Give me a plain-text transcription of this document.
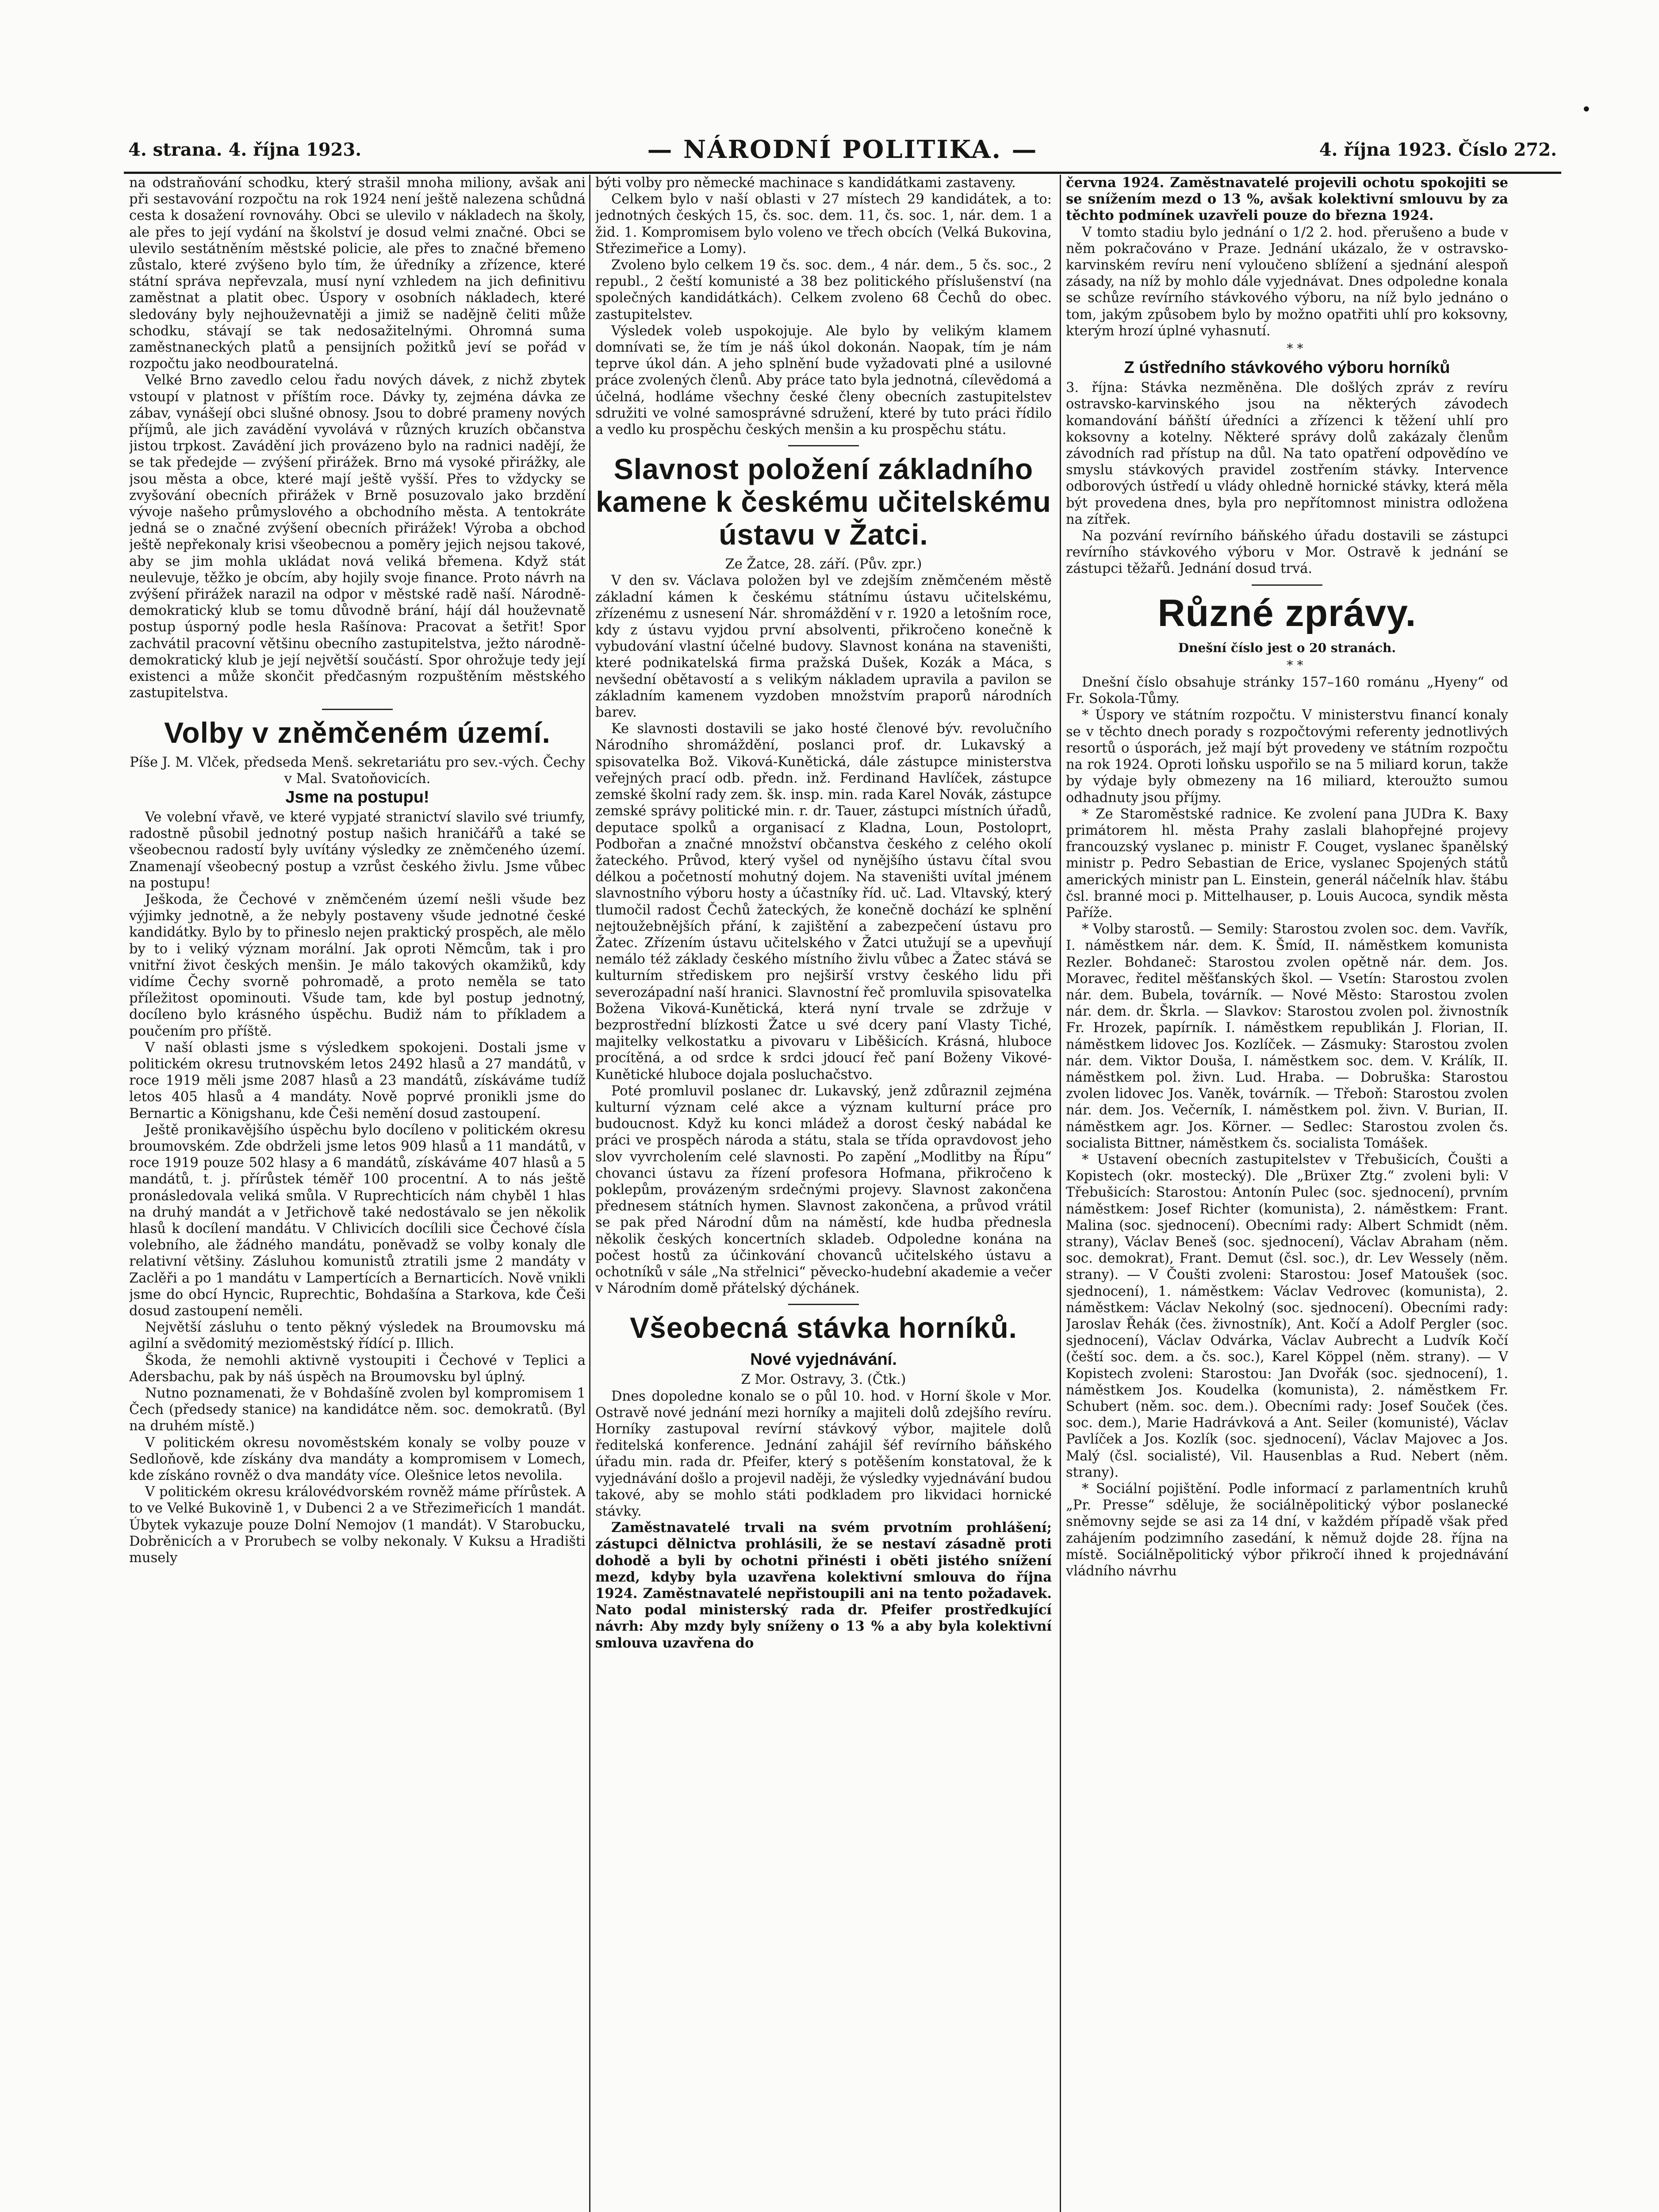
4. strana. 4. října 1923.	— NÁRODNÍ POLITIKA. —	4. října 1923. Číslo 272.
•

na odstraňování schodku, který strašil mnoha miliony, avšak ani při sestavování rozpočtu na rok 1924 není ještě nalezena schůdná cesta k dosažení rovnováhy. Obci se ulevilo v nákladech na školy, ale přes to její vydání na školství je dosud velmi značné. Obci se ulevilo sestátněním městské policie, ale přes to značné břemeno zůstalo, které zvýšeno bylo tím, že úředníky a zřízence, které státní správa nepřevzala, musí nyní vzhledem na jich definitivu zaměstnat a platit obec. Úspory v osobních nákladech, které sledovány byly nejhouževnatěji a jimiž se nadějně čeliti může schodku, stávají se tak nedosažitelnými. Ohromná suma zaměstnaneckých platů a pensijních požitků jeví se pořád v rozpočtu jako neodbouratelná.

Velké Brno zavedlo celou řadu nových dávek, z nichž zbytek vstoupí v platnost v příštím roce. Dávky ty, zejména dávka ze zábav, vynášejí obci slušné obnosy. Jsou to dobré prameny nových příjmů, ale jich zavádění vyvolává v různých kruzích občanstva jistou trpkost. Zavádění jich provázeno bylo na radnici nadějí, že se tak předejde — zvýšení přirážek. Brno má vysoké přirážky, ale jsou města a obce, které mají ještě vyšší. Přes to vždycky se zvyšování obecních přirážek v Brně posuzovalo jako brzdění vývoje našeho průmyslového a obchodního města. A tentokráte jedná se o značné zvýšení obecních přirážek! Výroba a obchod ještě nepřekonaly krisi všeobecnou a poměry jejich nejsou takové, aby se jim mohla ukládat nová veliká břemena. Když stát neulevuje, těžko je obcím, aby hojily svoje finance. Proto návrh na zvýšení přirážek narazil na odpor v městské radě naší. Národně-demokratický klub se tomu důvodně brání, hájí dál houževnatě postup úsporný podle hesla Rašínova: Pracovat a šetřit! Spor zachvátil pracovní většinu obecního zastupitelstva, ježto národně-demokratický klub je její největší součástí. Spor ohrožuje tedy její existenci a může skončit předčasným rozpuštěním městského zastupitelstva.

Volby v zněmčeném území.

Píše J. M. Vlček, předseda Menš. sekretariátu pro sev.-vých. Čechy v Mal. Svatoňovicích.

Jsme na postupu!

Ve volební vřavě, ve které vypjaté stranictví slavilo své triumfy, radostně působil jednotný postup našich hraničářů a také se všeobecnou radostí byly uvítány výsledky ze zněmčeného území. Znamenají všeobecný postup a vzrůst českého živlu. Jsme vůbec na postupu!

Ješkoda, že Čechové v zněmčeném území nešli všude bez výjimky jednotně, a že nebyly postaveny všude jednotné české kandidátky. Bylo by to přineslo nejen praktický prospěch, ale mělo by to i veliký význam morální. Jak oproti Němcům, tak i pro vnitřní život českých menšin. Je málo takových okamžiků, kdy vidíme Čechy svorně pohromadě, a proto neměla se tato příležitost opominouti. Všude tam, kde byl postup jednotný, docíleno bylo krásného úspěchu. Budiž nám to příkladem a poučením pro příště.

V naší oblasti jsme s výsledkem spokojeni. Dostali jsme v politickém okresu trutnovském letos 2492 hlasů a 27 mandátů, v roce 1919 měli jsme 2087 hlasů a 23 mandátů, získáváme tudíž letos 405 hlasů a 4 mandáty. Nově poprvé pronikli jsme do Bernartic a Königshanu, kde Češi nemění dosud zastoupení.

Ještě pronikavějšího úspěchu bylo docíleno v politickém okresu broumovském. Zde obdrželi jsme letos 909 hlasů a 11 mandátů, v roce 1919 pouze 502 hlasy a 6 mandátů, získáváme 407 hlasů a 5 mandátů, t. j. přírůstek téměř 100 procentní. A to nás ještě pronásledovala veliká smůla. V Ruprechticích nám chyběl 1 hlas na druhý mandát a v Jetřichově také nedostávalo se jen několik hlasů k docílení mandátu. V Chlivicích docílili sice Čechové čísla volebního, ale žádného mandátu, poněvadž se volby konaly dle relativní většiny. Zásluhou komunistů ztratili jsme 2 mandáty v Zaclěři a po 1 mandátu v Lampertících a Bernarticích. Nově vnikli jsme do obcí Hyncic, Ruprechtic, Bohdašína a Starkova, kde Češi dosud zastoupení neměli.

Největší zásluhu o tento pěkný výsledek na Broumovsku má agilní a svědomitý mezioměstský řídící p. Illich.

Škoda, že nemohli aktivně vystoupiti i Čechové v Teplici a Adersbachu, pak by náš úspěch na Broumovsku byl úplný.

Nutno poznamenati, že v Bohdašíně zvolen byl kompromisem 1 Čech (předsedy stanice) na kandidátce něm. soc. demokratů. (Byl na druhém místě.)

V politickém okresu novoměstském konaly se volby pouze v Sedloňově, kde získány dva mandáty a kompromisem v Lomech, kde získáno rovněž o dva mandáty více. Olešnice letos nevolila.

V politickém okresu královédvorském rovněž máme přírůstek. A to ve Velké Bukovině 1, v Dubenci 2 a ve Střezimeřicích 1 mandát. Úbytek vykazuje pouze Dolní Nemojov (1 mandát). V Starobucku, Dobrěnicích a v Prorubech se volby nekonaly. V Kuksu a Hradišti musely

býti volby pro německé machinace s kandidátkami zastaveny.

Celkem bylo v naší oblasti v 27 místech 29 kandidátek, a to: jednotných českých 15, čs. soc. dem. 11, čs. soc. 1, nár. dem. 1 a žid. 1. Kompromisem bylo voleno ve třech obcích (Velká Bukovina, Střezimeřice a Lomy).

Zvoleno bylo celkem 19 čs. soc. dem., 4 nár. dem., 5 čs. soc., 2 republ., 2 čeští komunisté a 38 bez politického příslušenství (na společných kandidátkách). Celkem zvoleno 68 Čechů do obec. zastupitelstev.

Výsledek voleb uspokojuje. Ale bylo by velikým klamem domnívati se, že tím je náš úkol dokonán. Naopak, tím je nám teprve úkol dán. A jeho splnění bude vyžadovati plné a usilovné práce zvolených členů. Aby práce tato byla jednotná, cílevědomá a účelná, hodláme všechny české členy obecních zastupitelstev sdružiti ve volné samosprávné sdružení, které by tuto práci řídilo a vedlo ku prospěchu českých menšin a ku prospěchu státu.

Slavnost položení základního kamene k českému učitelskému ústavu v Žatci.

Ze Žatce, 28. září. (Pův. zpr.)

V den sv. Václava položen byl ve zdejším zněmčeném městě základní kámen k českému státnímu ústavu učitelskému, zřízenému z usnesení Nár. shromáždění v r. 1920 a letošním roce, kdy z ústavu vyjdou první absolventi, přikročeno konečně k vybudování vlastní účelné budovy. Slavnost konána na staveništi, které podnikatelská firma pražská Dušek, Kozák a Máca, s nevšední obětavostí a s velikým nákladem upravila a pavilon se základním kamenem vyzdoben množstvím praporů národních barev.

Ke slavnosti dostavili se jako hosté členové býv. revolučního Národního shromáždění, poslanci prof. dr. Lukavský a spisovatelka Bož. Viková-Kunětická, dále zástupce ministerstva veřejných prací odb. předn. inž. Ferdinand Havlíček, zástupce zemské školní rady zem. šk. insp. min. rada Karel Novák, zástupce zemské správy politické min. r. dr. Tauer, zástupci místních úřadů, deputace spolků a organisací z Kladna, Loun, Postoloprt, Podbořan a značné množství občanstva českého z celého okolí žateckého. Průvod, který vyšel od nynějšího ústavu čítal svou délkou a početností mohutný dojem. Na staveništi uvítal jménem slavnostního výboru hosty a účastníky říd. uč. Lad. Vltavský, který tlumočil radost Čechů žateckých, že konečně dochází ke splnění nejtoužebnějších přání, k zajištění a zabezpečení ústavu pro Žatec. Zřízením ústavu učitelského v Žatci utužují se a upevňují nemálo též základy českého místního živlu vůbec a Žatec stává se kulturním střediskem pro nejširší vrstvy českého lidu při severozápadní naší hranici. Slavnostní řeč promluvila spisovatelka Božena Viková-Kunětická, která nyní trvale se zdržuje v bezprostřední blízkosti Žatce u své dcery paní Vlasty Tiché, majitelky velkostatku a pivovaru v Liběšicích. Krásná, hluboce procítěná, a od srdce k srdci jdoucí řeč paní Boženy Vikové-Kunětické hluboce dojala posluchačstvo.

Poté promluvil poslanec dr. Lukavský, jenž zdůraznil zejména kulturní význam celé akce a význam kulturní práce pro budoucnost. Když ku konci mládež a dorost český nabádal ke práci ve prospěch národa a státu, stala se třída opravdovost jeho slov vyvrcholením celé slavnosti. Po zapění „Modlitby na Řípu“ chovanci ústavu za řízení profesora Hofmana, přikročeno k poklepům, provázeným srdečnými projevy. Slavnost zakončena přednesem státních hymen. Slavnost zakončena, a průvod vrátil se pak před Národní dům na náměstí, kde hudba přednesla několik českých koncertních skladeb. Odpoledne konána na počest hostů za účinkování chovanců učitelského ústavu a ochotníků v sále „Na střelnici“ pěvecko-hudební akademie a večer v Národním domě přátelský dýchánek.

Všeobecná stávka horníků.
Nové vyjednávání.

Z Mor. Ostravy, 3. (Čtk.)

Dnes dopoledne konalo se o půl 10. hod. v Horní škole v Mor. Ostravě nové jednání mezi horníky a majiteli dolů zdejšího revíru. Horníky zastupoval revírní stávkový výbor, majitele dolů ředitelská konference. Jednání zahájil šéf revírního báňského úřadu min. rada dr. Pfeifer, který s potěšením konstatoval, že k vyjednávání došlo a projevil naději, že výsledky vyjednávání budou takové, aby se mohlo státi podkladem pro likvidaci hornické stávky.

Zaměstnavatelé trvali na svém prvotním prohlášení; zástupci dělnictva prohlásili, že se nestaví zásadně proti dohodě a byli by ochotni přinésti i oběti jistého snížení mezd, kdyby byla uzavřena kolektivní smlouva do října 1924. Zaměstnavatelé nepřistoupili ani na tento požadavek. Nato podal ministerský rada dr. Pfeifer prostředkující návrh: Aby mzdy byly sníženy o 13 % a aby byla kolektivní smlouva uzavřena do

června 1924. Zaměstnavatelé projevili ochotu spokojiti se se snížením mezd o 13 %, avšak kolektivní smlouvu by za těchto podmínek uzavřeli pouze do března 1924.

V tomto stadiu bylo jednání o 1/2 2. hod. přerušeno a bude v něm pokračováno v Praze. Jednání ukázalo, že v ostravsko-karvinském revíru není vyloučeno sblížení a sjednání alespoň zásady, na níž by mohlo dále vyjednávat. Dnes odpoledne konala se schůze revírního stávkového výboru, na níž bylo jednáno o tom, jakým způsobem bylo by možno opatřiti uhlí pro koksovny, kterým hrozí úplné vyhasnutí.

* *

Z ústředního stávkového výboru horníků

3. října: Stávka nezměněna. Dle došlých zpráv z revíru ostravsko-karvinského jsou na některých závodech komandování báňští úředníci a zřízenci k těžení uhlí pro koksovny a kotelny. Některé správy dolů zakázaly členům závodních rad přístup na důl. Na tato opatření odpovědíno ve smyslu stávkových pravidel zostřením stávky. Intervence odborových ústředí u vlády ohledně hornické stávky, která měla být provedena dnes, byla pro nepřítomnost ministra odložena na zítřek.

Na pozvání revírního báňského úřadu dostavili se zástupci revírního stávkového výboru v Mor. Ostravě k jednání se zástupci těžařů. Jednání dosud trvá.

Různé zprávy.

Dnešní číslo jest o 20 stranách.

* *

Dnešní číslo obsahuje stránky 157–160 románu „Hyeny“ od Fr. Sokola-Tůmy.

* Úspory ve státním rozpočtu. V ministerstvu financí konaly se v těchto dnech porady s rozpočtovými referenty jednotlivých resortů o úsporách, jež mají být provedeny ve státním rozpočtu na rok 1924. Oproti loňsku uspořilo se na 5 miliard korun, takže by výdaje byly obmezeny na 16 miliard, kteroužto sumou odhadnuty jsou příjmy.

* Ze Staroměstské radnice. Ke zvolení pana JUDra K. Baxy primátorem hl. města Prahy zaslali blahopřejné projevy francouzský vyslanec p. ministr F. Couget, vyslanec španělský ministr p. Pedro Sebastian de Erice, vyslanec Spojených států amerických ministr pan L. Einstein, generál náčelník hlav. štábu čsl. branné moci p. Mittelhauser, p. Louis Aucoca, syndik města Paříže.

* Volby starostů. — Semily: Starostou zvolen soc. dem. Vavřík, I. náměstkem nár. dem. K. Šmíd, II. náměstkem komunista Rezler. Bohdaneč: Starostou zvolen opětně nár. dem. Jos. Moravec, ředitel měšťanských škol. — Vsetín: Starostou zvolen nár. dem. Bubela, továrník. — Nové Město: Starostou zvolen nár. dem. dr. Škrla. — Slavkov: Starostou zvolen pol. živnostník Fr. Hrozek, papírník. I. náměstkem republikán J. Florian, II. náměstkem lidovec Jos. Kozlíček. — Zásmuky: Starostou zvolen nár. dem. Viktor Douša, I. náměstkem soc. dem. V. Králík, II. náměstkem pol. živn. Lud. Hraba. — Dobruška: Starostou zvolen lidovec Jos. Vaněk, továrník. — Třeboň: Starostou zvolen nár. dem. Jos. Večerník, I. náměstkem pol. živn. V. Burian, II. náměstkem agr. Jos. Körner. — Sedlec: Starostou zvolen čs. socialista Bittner, náměstkem čs. socialista Tomášek.

* Ustavení obecních zastupitelstev v Třebušicích, Čoušti a Kopistech (okr. mostecký). Dle „Brüxer Ztg.“ zvoleni byli: V Třebušicích: Starostou: Antonín Pulec (soc. sjednocení), prvním náměstkem: Josef Richter (komunista), 2. náměstkem: Frant. Malina (soc. sjednocení). Obecními rady: Albert Schmidt (něm. strany), Václav Beneš (soc. sjednocení), Václav Abraham (něm. soc. demokrat), Frant. Demut (čsl. soc.), dr. Lev Wessely (něm. strany). — V Čoušti zvoleni: Starostou: Josef Matoušek (soc. sjednocení), 1. náměstkem: Václav Vedrovec (komunista), 2. náměstkem: Václav Nekolný (soc. sjednocení). Obecními rady: Jaroslav Řehák (čes. živnostník), Ant. Kočí a Adolf Pergler (soc. sjednocení), Václav Odvárka, Václav Aubrecht a Ludvík Kočí (čeští soc. dem. a čs. soc.), Karel Köppel (něm. strany). — V Kopistech zvoleni: Starostou: Jan Dvořák (soc. sjednocení), 1. náměstkem Jos. Koudelka (komunista), 2. náměstkem Fr. Schubert (něm. soc. dem.). Obecními rady: Josef Souček (čes. soc. dem.), Marie Hadrávková a Ant. Seiler (komunisté), Václav Pavlíček a Jos. Kozlík (soc. sjednocení), Václav Majovec a Jos. Malý (čsl. socialisté), Vil. Hausenblas a Rud. Nebert (něm. strany).

* Sociální pojištění. Podle informací z parlamentních kruhů „Pr. Presse“ sděluje, že sociálněpolitický výbor poslanecké sněmovny sejde se asi za 14 dní, v každém případě však před zahájením podzimního zasedání, k němuž dojde 28. října na místě. Sociálněpolitický výbor přikročí ihned k projednávání vládního návrhu
